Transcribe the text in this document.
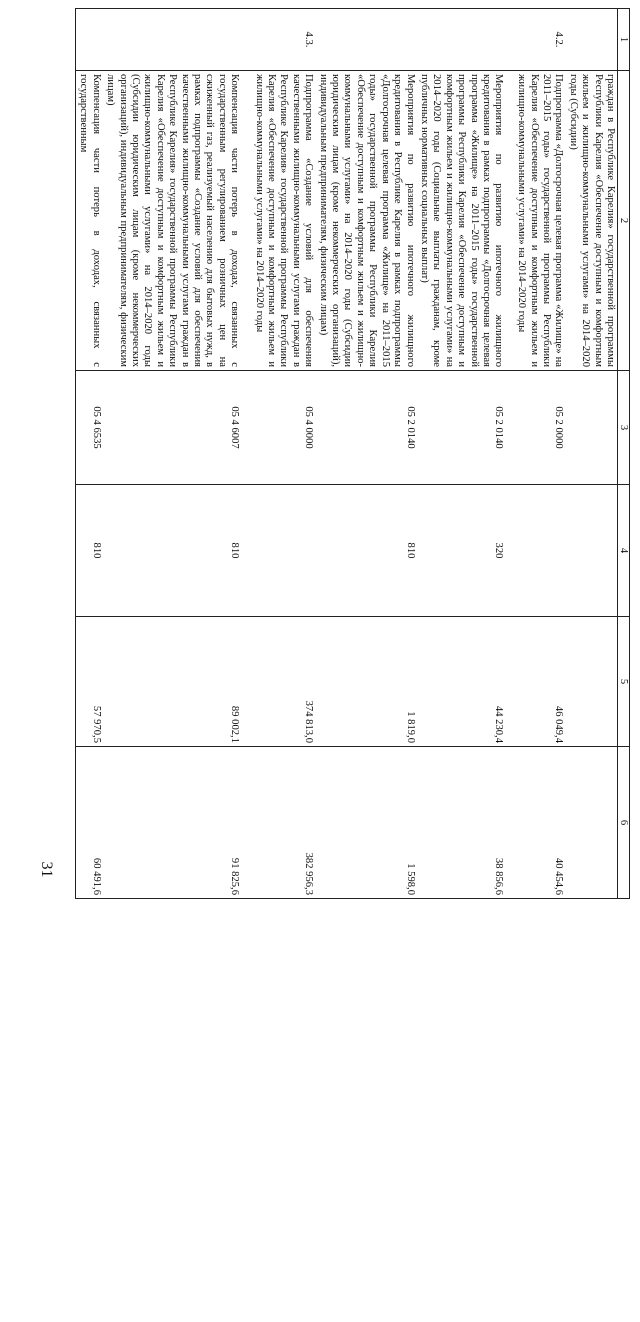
31
1	2	3	4	5	6
	граждан в Республике Карелия» государственной программы Республики Карелия «Обеспечение доступным и комфортным жильем и жилищно-коммунальными услугами» на 2014–2020 годы (Субсидии)				
4.2.	Подпрограмма «Долгосрочная целевая программа «Жилище» на 2011–2015 годы» государственной программы Республики Карелия «Обеспечение доступным и комфортным жильем и жилищно-коммунальными услугами» на 2014–2020 годы	05 2 0000		46 049,4	40 454,6
	Мероприятия по развитию ипотечного жилищного кредитования в рамках подпрограммы «Долгосрочная целевая программа «Жилище» на 2011–2015 годы» государственной программы Республики Карелия «Обеспечение доступным и комфортным жильем и жилищно-коммунальными услугами» на 2014–2020 годы (Социальные выплаты гражданам, кроме публичных нормативных социальных выплат)	05 2 0140	320	44 230,4	38 856,6
	Мероприятия по развитию ипотечного жилищного кредитования в Республике Карелия в рамках подпрограммы «Долгосрочная целевая программа «Жилище» на 2011–2015 годы» государственной программы Республики Карелия «Обеспечение доступным и комфортным жильем и жилищно-коммунальными услугами» на 2014–2020 годы (Субсидии юридическим лицам (кроме некоммерческих организаций), индивидуальным предпринимателям, физическим лицам)	05 2 0140	810	1 819,0	1 598,0
4.3.	Подпрограмма «Создание условий для обеспечения качественными жилищно-коммунальными услугами граждан в Республике Карелия» государственной программы Республики Карелия «Обеспечение доступным и комфортным жильем и жилищно-коммунальными услугами» на 2014–2020 годы	05 4 0000		374 813,0	382 956,3
	Компенсация части потерь в доходах, связанных с государственным регулированием розничных цен на сжиженный газ, реализуемый населению для бытовых нужд, в рамках подпрограммы «Создание условий для обеспечения качественными жилищно-коммунальными услугами граждан в Республике Карелия» государственной программы Республики Карелия «Обеспечение доступным и комфортным жильем и жилищно-коммунальными услугами» на 2014–2020 годы (Субсидии юридическим лицам (кроме некоммерческих организаций), индивидуальным предпринимателям, физическим лицам)	05 4 6007	810	89 002,1	91 825,6
	Компенсация части потерь в доходах, связанных с государственным	05 4 6535	810	57 970,5	60 491,6
